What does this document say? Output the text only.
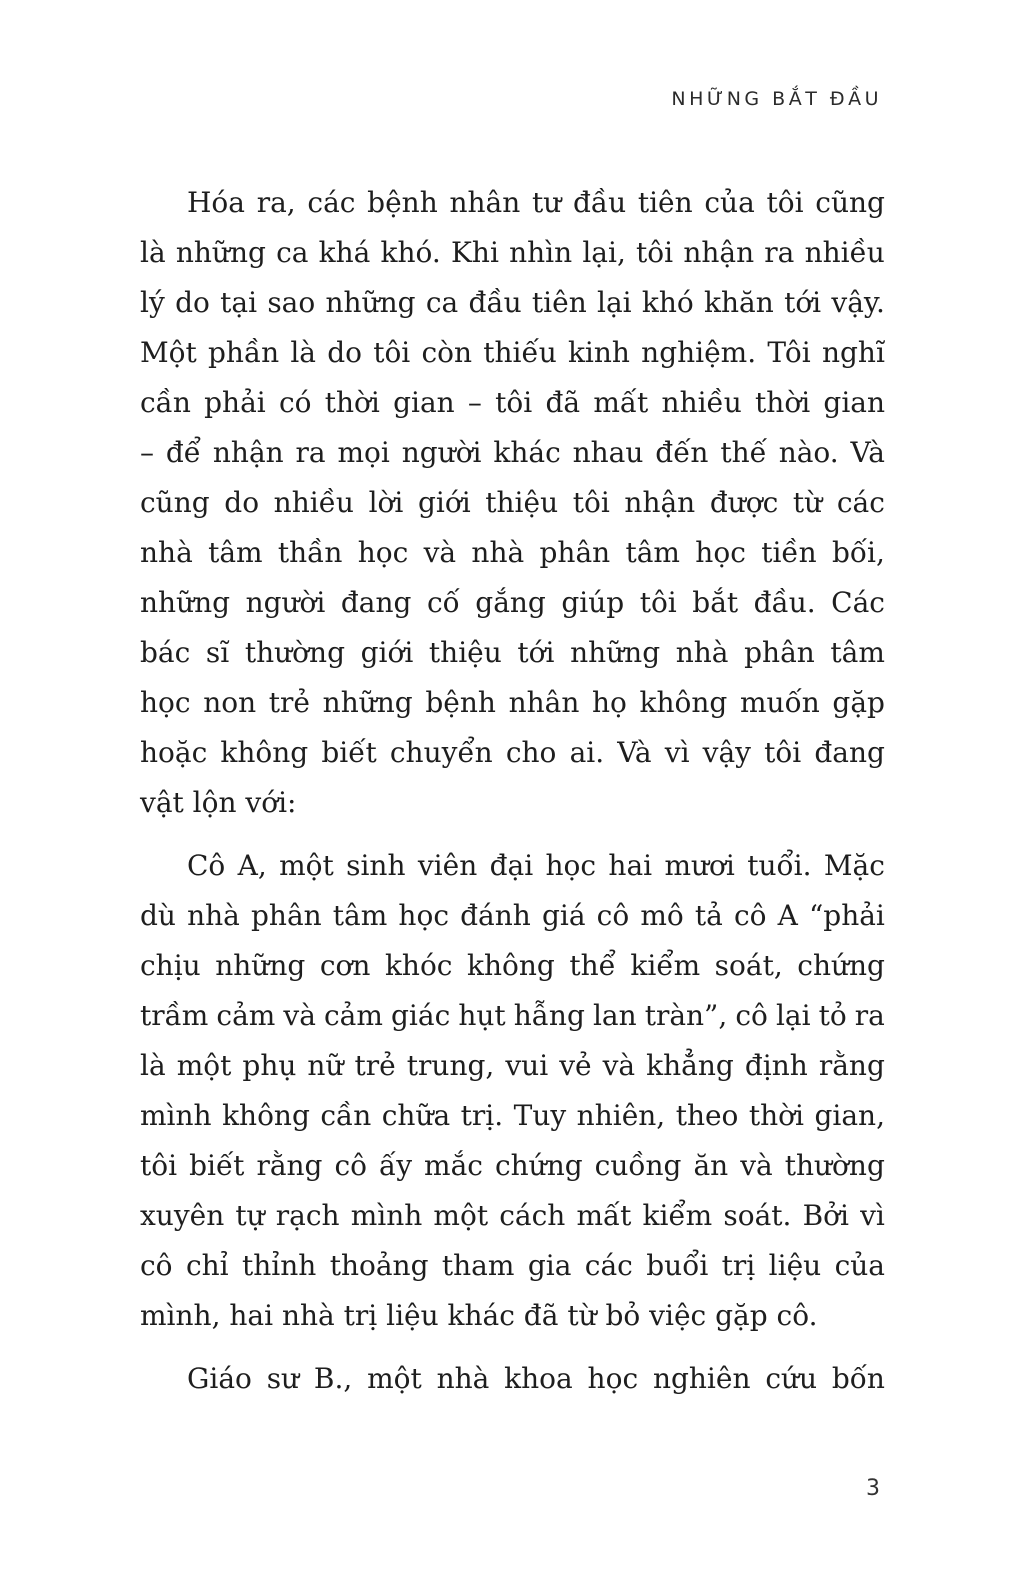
NHỮNG BẮT ĐẦU
Hóa ra, các bệnh nhân tư đầu tiên của tôi cũng
là những ca khá khó. Khi nhìn lại, tôi nhận ra nhiều
lý do tại sao những ca đầu tiên lại khó khăn tới vậy.
Một phần là do tôi còn thiếu kinh nghiệm. Tôi nghĩ
cần phải có thời gian – tôi đã mất nhiều thời gian
– để nhận ra mọi người khác nhau đến thế nào. Và
cũng do nhiều lời giới thiệu tôi nhận được từ các
nhà tâm thần học và nhà phân tâm học tiền bối,
những người đang cố gắng giúp tôi bắt đầu. Các
bác sĩ thường giới thiệu tới những nhà phân tâm
học non trẻ những bệnh nhân họ không muốn gặp
hoặc không biết chuyển cho ai. Và vì vậy tôi đang
vật lộn với:
Cô A, một sinh viên đại học hai mươi tuổi. Mặc
dù nhà phân tâm học đánh giá cô mô tả cô A “phải
chịu những cơn khóc không thể kiểm soát, chứng
trầm cảm và cảm giác hụt hẫng lan tràn”, cô lại tỏ ra
là một phụ nữ trẻ trung, vui vẻ và khẳng định rằng
mình không cần chữa trị. Tuy nhiên, theo thời gian,
tôi biết rằng cô ấy mắc chứng cuồng ăn và thường
xuyên tự rạch mình một cách mất kiểm soát. Bởi vì
cô chỉ thỉnh thoảng tham gia các buổi trị liệu của
mình, hai nhà trị liệu khác đã từ bỏ việc gặp cô.
Giáo sư B., một nhà khoa học nghiên cứu bốn
3
